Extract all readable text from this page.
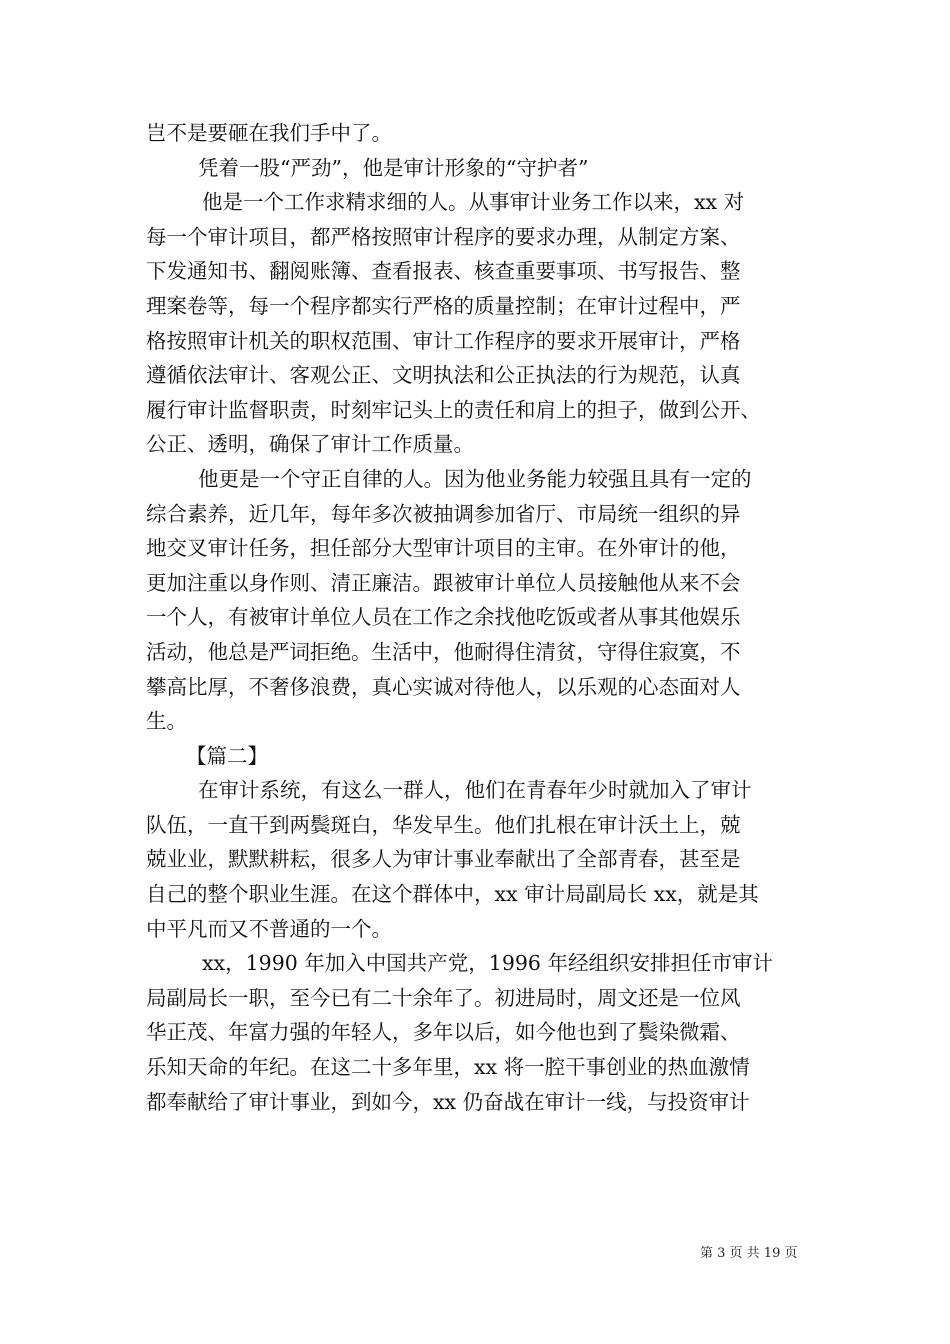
岂不是要砸在我们手中了。
凭着一股“严劲”，他是审计形象的“守护者”
他是一个工作求精求细的人。从事审计业务工作以来，xx 对
每一个审计项目，都严格按照审计程序的要求办理，从制定方案、
下发通知书、翻阅账簿、查看报表、核查重要事项、书写报告、整
理案卷等，每一个程序都实行严格的质量控制；在审计过程中，严
格按照审计机关的职权范围、审计工作程序的要求开展审计，严格
遵循依法审计、客观公正、文明执法和公正执法的行为规范，认真
履行审计监督职责，时刻牢记头上的责任和肩上的担子，做到公开、
公正、透明，确保了审计工作质量。
他更是一个守正自律的人。因为他业务能力较强且具有一定的
综合素养，近几年，每年多次被抽调参加省厅、市局统一组织的异
地交叉审计任务，担任部分大型审计项目的主审。在外审计的他，
更加注重以身作则、清正廉洁。跟被审计单位人员接触他从来不会
一个人，有被审计单位人员在工作之余找他吃饭或者从事其他娱乐
活动，他总是严词拒绝。生活中，他耐得住清贫，守得住寂寞，不
攀高比厚，不奢侈浪费，真心实诚对待他人，以乐观的心态面对人
生。
【篇二】
在审计系统，有这么一群人，他们在青春年少时就加入了审计
队伍，一直干到两鬓斑白，华发早生。他们扎根在审计沃土上，兢
兢业业，默默耕耘，很多人为审计事业奉献出了全部青春，甚至是
自己的整个职业生涯。在这个群体中，xx 审计局副局长 xx，就是其
中平凡而又不普通的一个。
xx，1990 年加入中国共产党，1996 年经组织安排担任市审计
局副局长一职，至今已有二十余年了。初进局时，周文还是一位风
华正茂、年富力强的年轻人，多年以后，如今他也到了鬓染微霜、
乐知天命的年纪。在这二十多年里，xx 将一腔干事创业的热血激情
都奉献给了审计事业，到如今，xx 仍奋战在审计一线，与投资审计
第 3 页 共 19 页
